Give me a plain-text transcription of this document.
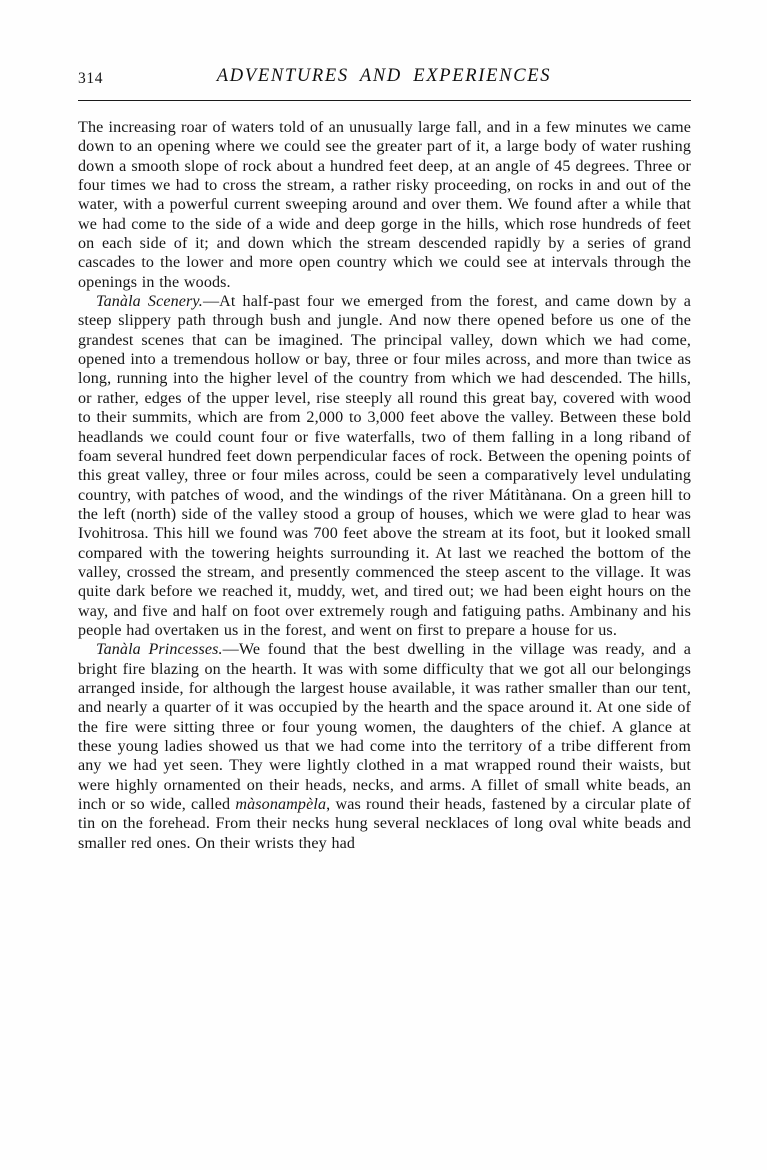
314	ADVENTURES AND EXPERIENCES

The increasing roar of waters told of an unusually large fall, and in a few minutes we came down to an opening where we could see the greater part of it, a large body of water rushing down a smooth slope of rock about a hundred feet deep, at an angle of 45 degrees. Three or four times we had to cross the stream, a rather risky proceeding, on rocks in and out of the water, with a powerful current sweeping around and over them. We found after a while that we had come to the side of a wide and deep gorge in the hills, which rose hundreds of feet on each side of it; and down which the stream descended rapidly by a series of grand cascades to the lower and more open country which we could see at intervals through the openings in the woods.

Tanàla Scenery.—At half-past four we emerged from the forest, and came down by a steep slippery path through bush and jungle. And now there opened before us one of the grandest scenes that can be imagined. The principal valley, down which we had come, opened into a tremendous hollow or bay, three or four miles across, and more than twice as long, running into the higher level of the country from which we had descended. The hills, or rather, edges of the upper level, rise steeply all round this great bay, covered with wood to their summits, which are from 2,000 to 3,000 feet above the valley. Between these bold headlands we could count four or five waterfalls, two of them falling in a long riband of foam several hundred feet down perpendicular faces of rock. Between the opening points of this great valley, three or four miles across, could be seen a comparatively level undulating country, with patches of wood, and the windings of the river Mátitànana. On a green hill to the left (north) side of the valley stood a group of houses, which we were glad to hear was Ivohitrosa. This hill we found was 700 feet above the stream at its foot, but it looked small compared with the towering heights surrounding it. At last we reached the bottom of the valley, crossed the stream, and presently commenced the steep ascent to the village. It was quite dark before we reached it, muddy, wet, and tired out; we had been eight hours on the way, and five and half on foot over extremely rough and fatiguing paths. Ambinany and his people had overtaken us in the forest, and went on first to prepare a house for us.

Tanàla Princesses.—We found that the best dwelling in the village was ready, and a bright fire blazing on the hearth. It was with some difficulty that we got all our belongings arranged inside, for although the largest house available, it was rather smaller than our tent, and nearly a quarter of it was occupied by the hearth and the space around it. At one side of the fire were sitting three or four young women, the daughters of the chief. A glance at these young ladies showed us that we had come into the territory of a tribe different from any we had yet seen. They were lightly clothed in a mat wrapped round their waists, but were highly ornamented on their heads, necks, and arms. A fillet of small white beads, an inch or so wide, called màsonampèla, was round their heads, fastened by a circular plate of tin on the forehead. From their necks hung several necklaces of long oval white beads and smaller red ones. On their wrists they had
